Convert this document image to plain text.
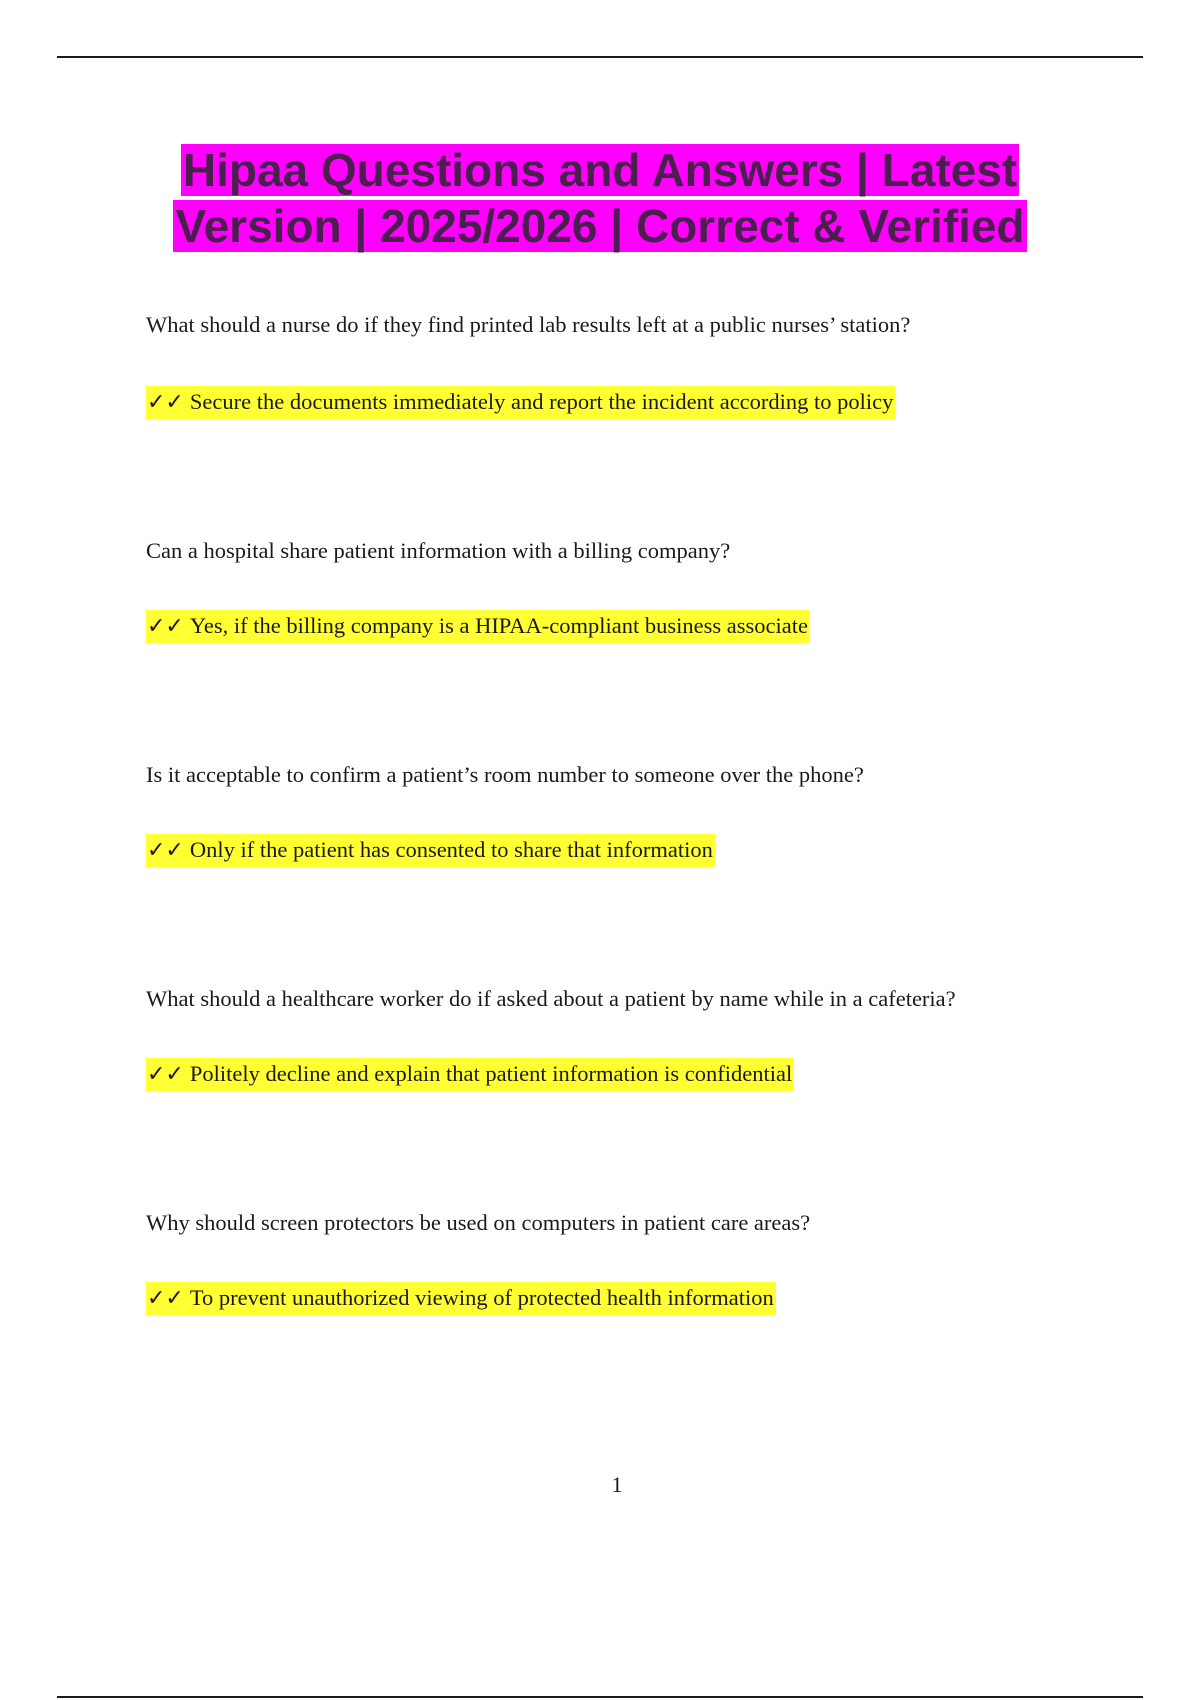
Hipaa Questions and Answers | Latest
Version | 2025/2026 | Correct & Verified
What should a nurse do if they find printed lab results left at a public nurses’ station?
✓✓ Secure the documents immediately and report the incident according to policy
Can a hospital share patient information with a billing company?
✓✓ Yes, if the billing company is a HIPAA-compliant business associate
Is it acceptable to confirm a patient’s room number to someone over the phone?
✓✓ Only if the patient has consented to share that information
What should a healthcare worker do if asked about a patient by name while in a cafeteria?
✓✓ Politely decline and explain that patient information is confidential
Why should screen protectors be used on computers in patient care areas?
✓✓ To prevent unauthorized viewing of protected health information
1
